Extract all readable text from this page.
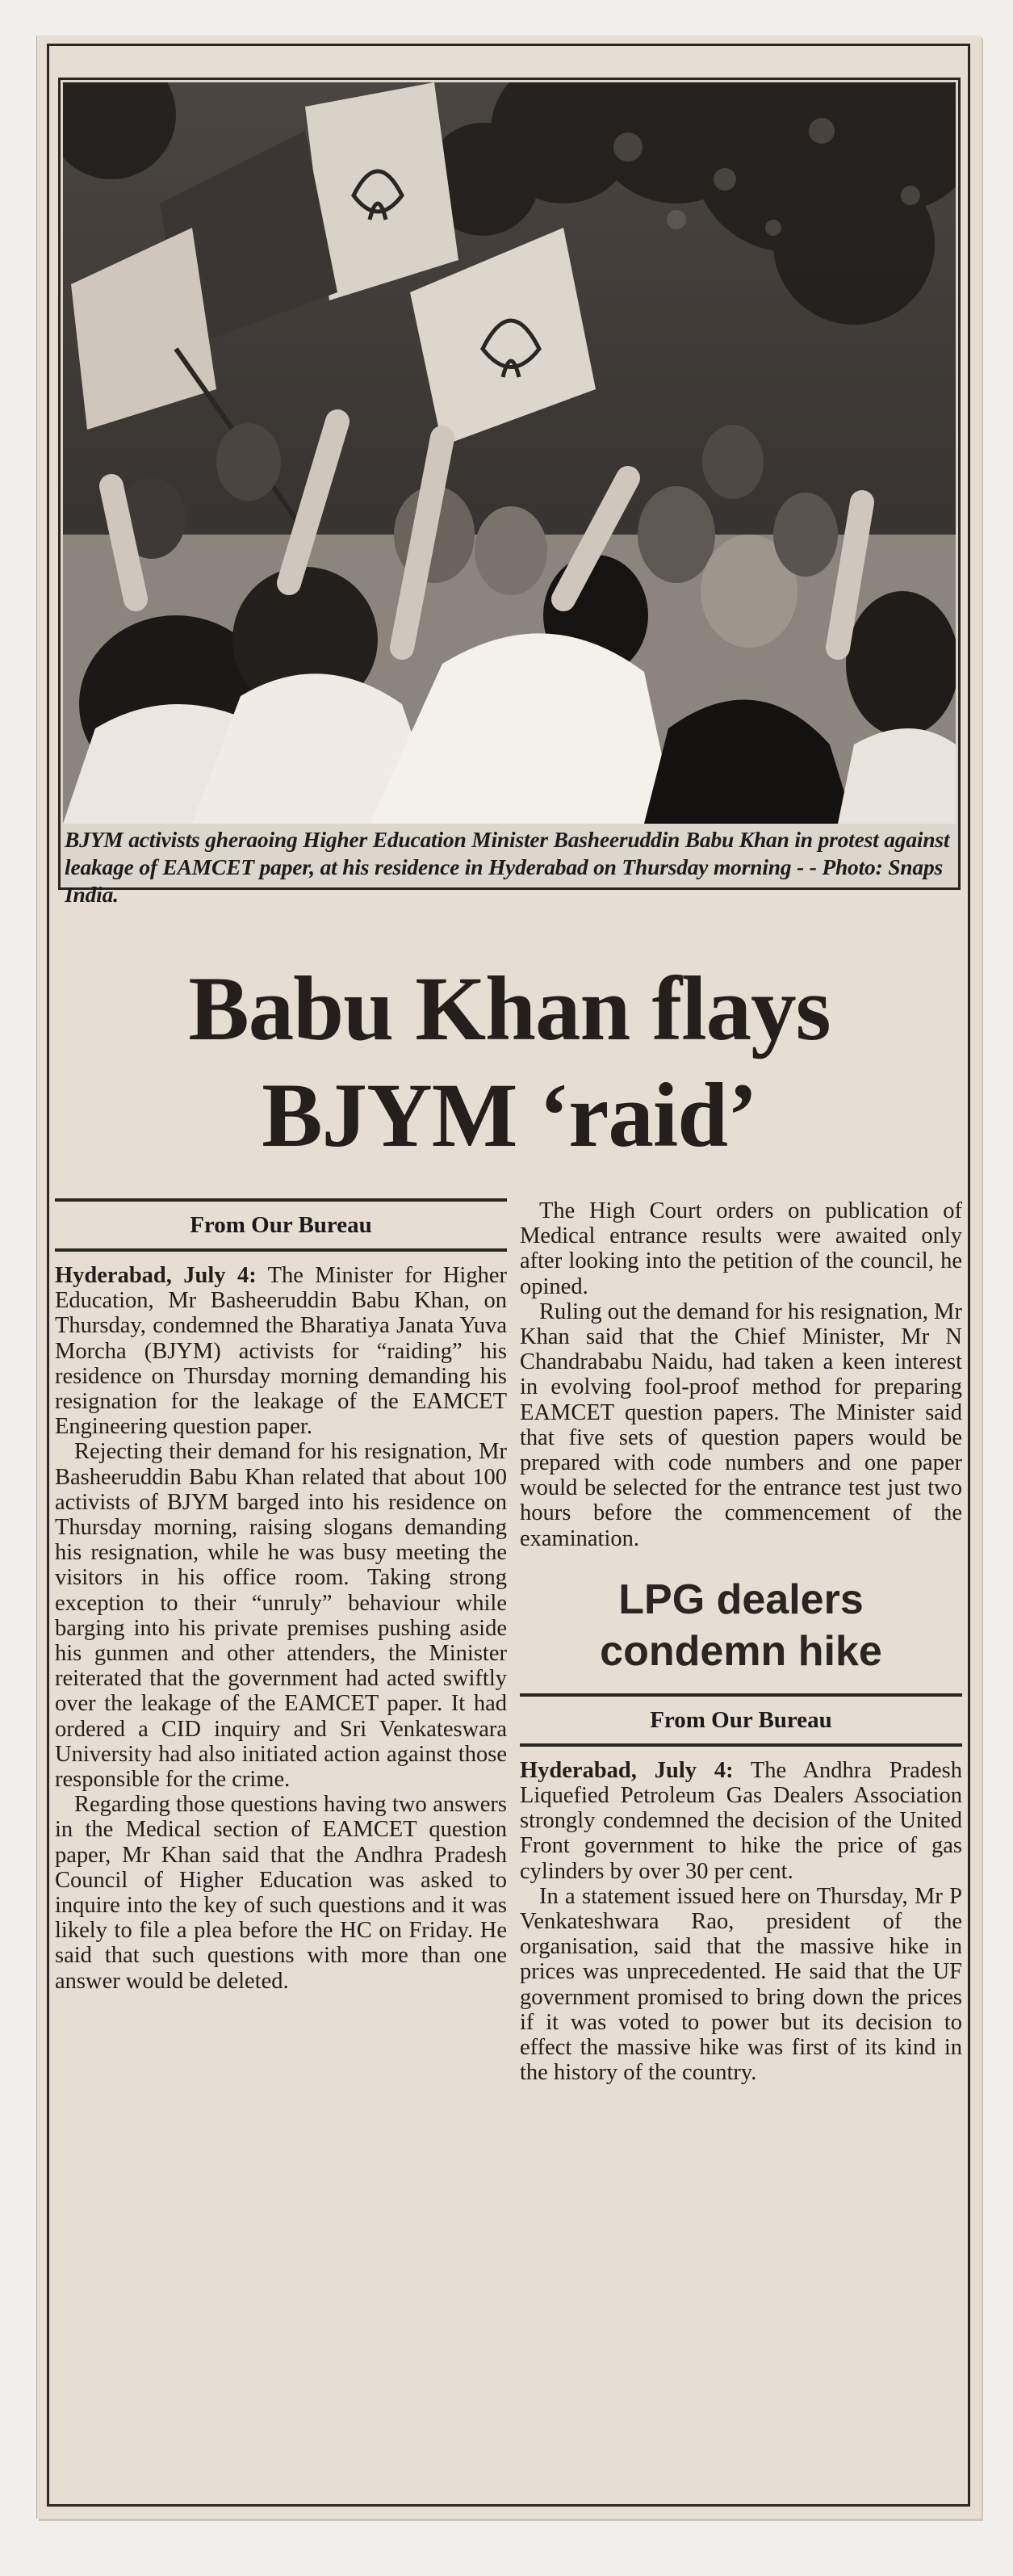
BJYM activists gheraoing Higher Education Minister Basheeruddin Babu Khan in protest against leakage of EAMCET paper, at his residence in Hyderabad on Thursday morning - - Photo: Snaps India.
Babu Khan flays
BJYM ‘raid’
From Our Bureau

Hyderabad, July 4: The Minister for Higher Education, Mr Basheeruddin Babu Khan, on Thursday, condemned the Bharatiya Janata Yuva Morcha (BJYM) activists for “raiding” his residence on Thursday morning demanding his resignation for the leakage of the EAMCET Engineering question paper.

Rejecting their demand for his resignation, Mr Basheeruddin Babu Khan related that about 100 activists of BJYM barged into his residence on Thursday morning, raising slogans demanding his resignation, while he was busy meeting the visitors in his office room. Taking strong exception to their “unruly” behaviour while barging into his private premises pushing aside his gunmen and other attenders, the Minister reiterated that the government had acted swiftly over the leakage of the EAMCET paper. It had ordered a CID inquiry and Sri Venkateswara University had also initiated action against those responsible for the crime.

Regarding those questions having two answers in the Medical section of EAMCET question paper, Mr Khan said that the Andhra Pradesh Council of Higher Education was asked to inquire into the key of such questions and it was likely to file a plea before the HC on Friday. He said that such questions with more than one answer would be deleted.

The High Court orders on publication of Medical entrance results were awaited only after looking into the petition of the council, he opined.

Ruling out the demand for his resignation, Mr Khan said that the Chief Minister, Mr N Chandrababu Naidu, had taken a keen interest in evolving fool-proof method for preparing EAMCET question papers. The Minister said that five sets of question papers would be prepared with code numbers and one paper would be selected for the entrance test just two hours before the commencement of the examination.

LPG dealers
condemn hike
From Our Bureau

Hyderabad, July 4: The Andhra Pradesh Liquefied Petroleum Gas Dealers Association strongly condemned the decision of the United Front government to hike the price of gas cylinders by over 30 per cent.

In a statement issued here on Thursday, Mr P Venkateshwara Rao, president of the organisation, said that the massive hike in prices was unprecedented. He said that the UF government promised to bring down the prices if it was voted to power but its decision to effect the massive hike was first of its kind in the history of the country.
